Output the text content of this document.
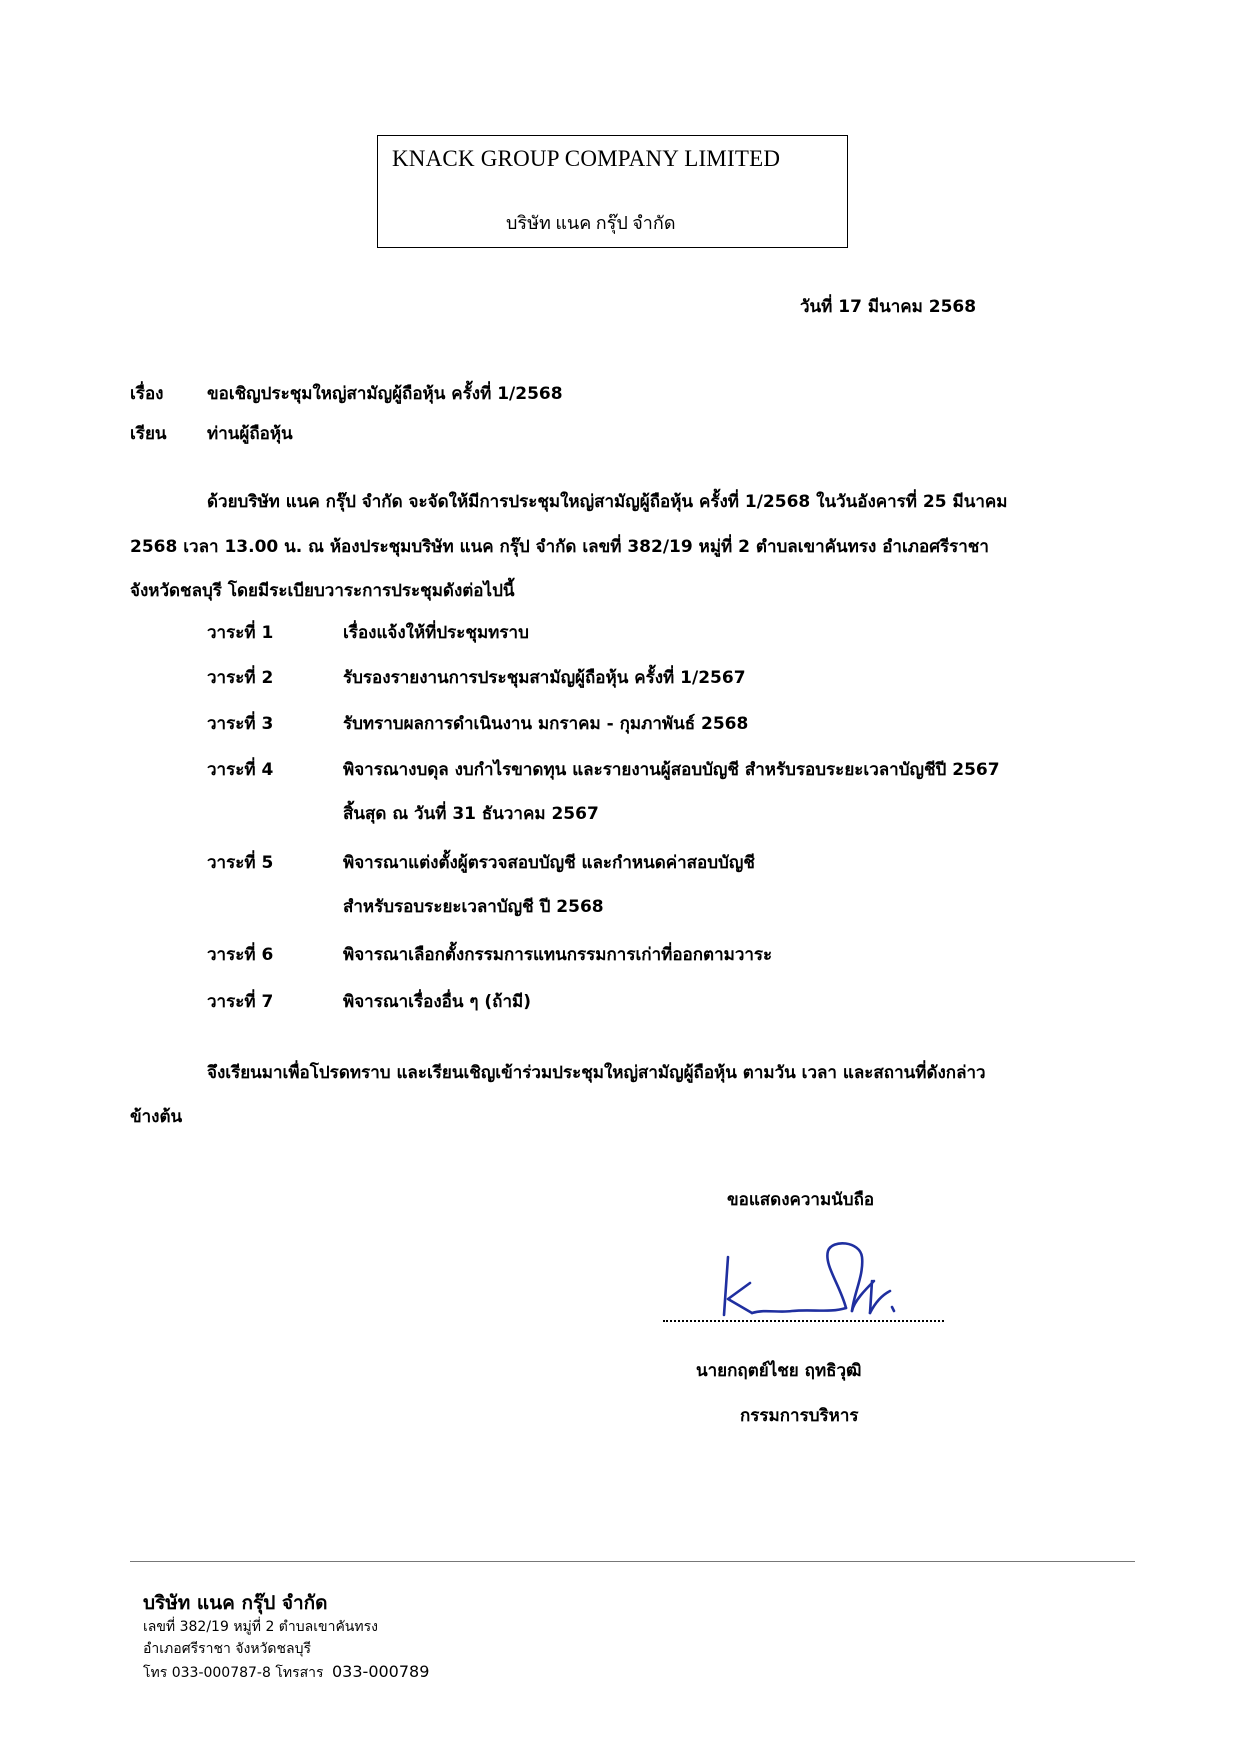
KNACK GROUP COMPANY LIMITED
บริษัท แนค กรุ๊ป จำกัด
วันที่ 17 มีนาคม 2568
เรื่อง	ขอเชิญประชุมใหญ่สามัญผู้ถือหุ้น ครั้งที่ 1/2568
เรียน ท่านผู้ถือหุ้น
ด้วยบริษัท แนค กรุ๊ป จำกัด จะจัดให้มีการประชุมใหญ่สามัญผู้ถือหุ้น ครั้งที่ 1/2568 ในวันอังคารที่ 25 มีนาคม
2568 เวลา 13.00 น. ณ ห้องประชุมบริษัท แนค กรุ๊ป จำกัด เลขที่ 382/19 หมู่ที่ 2 ตำบลเขาคันทรง อำเภอศรีราชา
จังหวัดชลบุรี โดยมีระเบียบวาระการประชุมดังต่อไปนี้
วาระที่ 1	เรื่องแจ้งให้ที่ประชุมทราบ
วาระที่ 2	รับรองรายงานการประชุมสามัญผู้ถือหุ้น ครั้งที่ 1/2567
วาระที่ 3	รับทราบผลการดำเนินงาน มกราคม - กุมภาพันธ์ 2568
วาระที่ 4	พิจารณางบดุล งบกำไรขาดทุน และรายงานผู้สอบบัญชี สำหรับรอบระยะเวลาบัญชีปี 2567
สิ้นสุด ณ วันที่ 31 ธันวาคม 2567
วาระที่ 5	พิจารณาแต่งตั้งผู้ตรวจสอบบัญชี และกำหนดค่าสอบบัญชี
สำหรับรอบระยะเวลาบัญชี ปี 2568
วาระที่ 6	พิจารณาเลือกตั้งกรรมการแทนกรรมการเก่าที่ออกตามวาระ
วาระที่ 7	พิจารณาเรื่องอื่น ๆ (ถ้ามี)
จึงเรียนมาเพื่อโปรดทราบ และเรียนเชิญเข้าร่วมประชุมใหญ่สามัญผู้ถือหุ้น ตามวัน เวลา และสถานที่ดังกล่าว
ข้างต้น
ขอแสดงความนับถือ
นายกฤตย์ไชย ฤทธิวุฒิ
กรรมการบริหาร
บริษัท แนค กรุ๊ป จำกัด
เลขที่ 382/19 หมู่ที่ 2 ตำบลเขาคันทรง
อำเภอศรีราชา จังหวัดชลบุรี
โทร 033-000787-8 โทรสาร 033-000789
